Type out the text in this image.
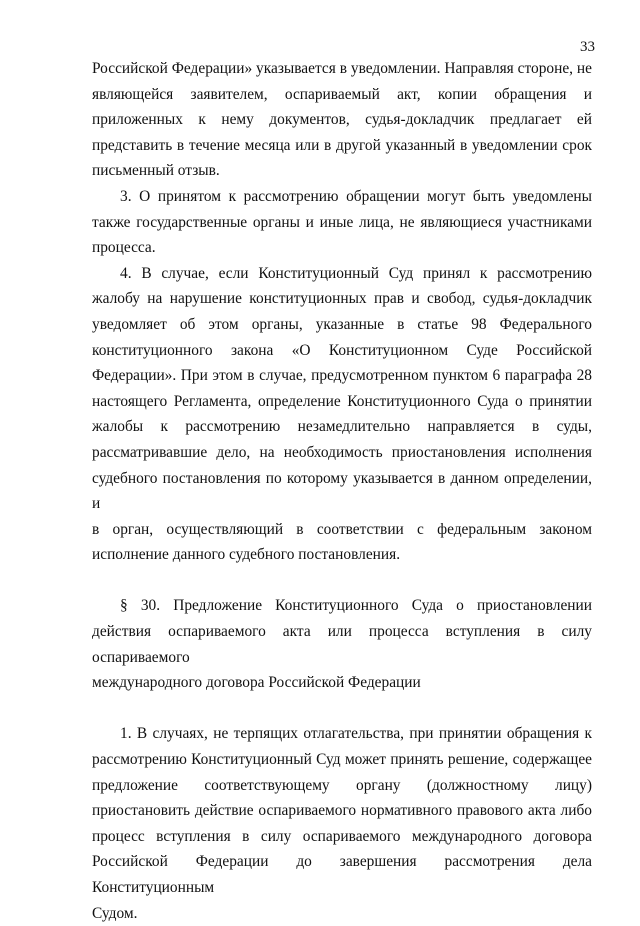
33
Российской Федерации» указывается в уведомлении. Направляя стороне, не
являющейся заявителем, оспариваемый акт, копии обращения и
приложенных к нему документов, судья-докладчик предлагает ей
представить в течение месяца или в другой указанный в уведомлении срок
письменный отзыв.
3. О принятом к рассмотрению обращении могут быть уведомлены
также государственные органы и иные лица, не являющиеся участниками
процесса.
4. В случае, если Конституционный Суд принял к рассмотрению
жалобу на нарушение конституционных прав и свобод, судья-докладчик
уведомляет об этом органы, указанные в статье 98 Федерального
конституционного закона «О Конституционном Суде Российской
Федерации». При этом в случае, предусмотренном пунктом 6 параграфа 28
настоящего Регламента, определение Конституционного Суда о принятии
жалобы к рассмотрению незамедлительно направляется в суды,
рассматривавшие дело, на необходимость приостановления исполнения
судебного постановления по которому указывается в данном определении, и
в орган, осуществляющий в соответствии с федеральным законом
исполнение данного судебного постановления.
§ 30. Предложение Конституционного Суда о приостановлении
действия оспариваемого акта или процесса вступления в силу оспариваемого
международного договора Российской Федерации
1. В случаях, не терпящих отлагательства, при принятии обращения к
рассмотрению Конституционный Суд может принять решение, содержащее
предложение соответствующему органу (должностному лицу)
приостановить действие оспариваемого нормативного правового акта либо
процесс вступления в силу оспариваемого международного договора
Российской Федерации до завершения рассмотрения дела Конституционным
Судом.
